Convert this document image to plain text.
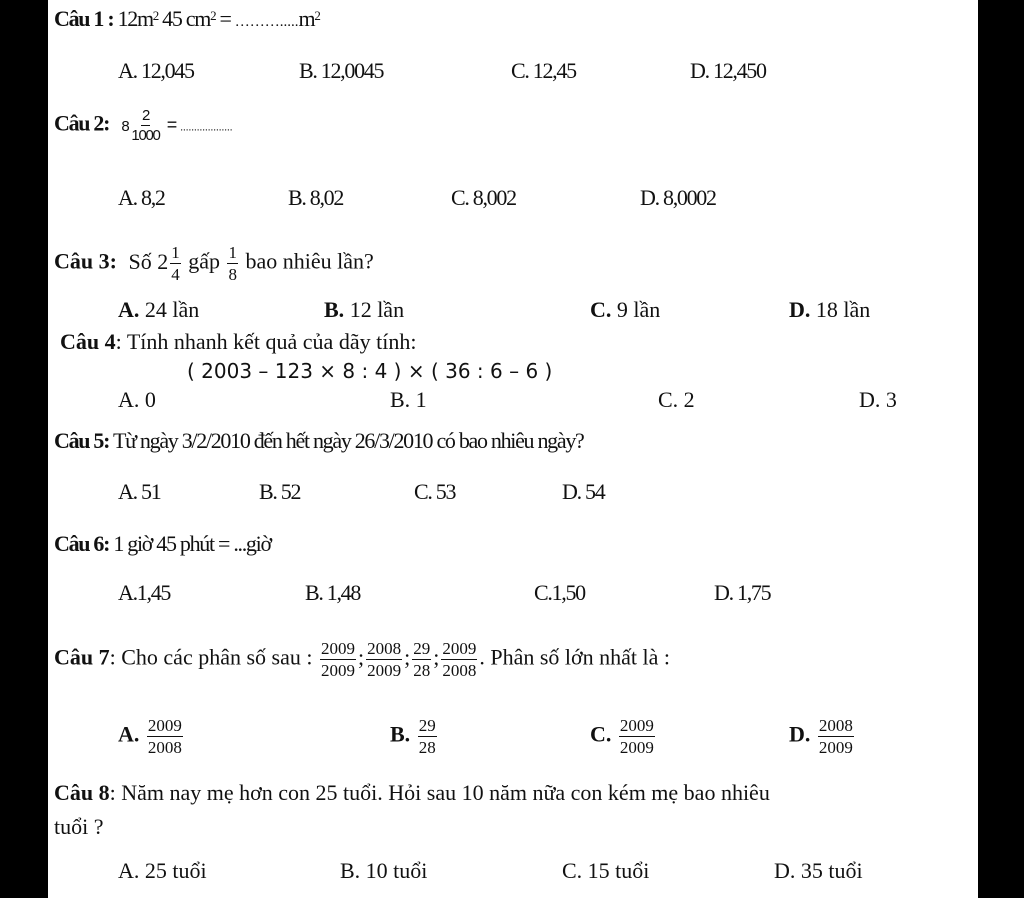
Câu 1 : $12m^2$ 45 $cm^2$ = $\dots\dots\dots.....m^2$
A. 12,045	B. 12,0045	C. 12,45	D. 12,450
Câu 2: $8 \frac{2}{1000}$ = ...................
A. 8,2	B. 8,02	C. 8,002	D. 8,0002
Câu 3: Số $2 \frac{1}{4}$ gấp $\frac{1}{8}$ bao nhiêu lần?
A. 24 lần	B. 12 lần	C. 9 lần	D. 18 lần
Câu 4: Tính nhanh kết quả của dãy tính:
( 2003 – 123 × 8 : 4 ) × ( 36 : 6 – 6 )
A. 0	B. 1	C. 2	D. 3
Câu 5: Từ ngày 3/2/2010 đến hết ngày 26/3/2010 có bao nhiêu ngày?
A. 51	B. 52	C. 53	D. 54
Câu 6: 1 giờ 45 phút = ...giờ
A.1,45	B. 1,48	C.1,50	D. 1,75
Câu 7: Cho các phân số sau : $\frac{2009}{2009}$ ; $\frac{2008}{2009}$ ; $\frac{29}{28}$ ; $\frac{2009}{2008}$ . Phân số lớn nhất là :
A. $\frac{2009}{2008}$	B. $\frac{29}{28}$	C. $\frac{2009}{2009}$	D. $\frac{2008}{2009}$
Câu 8: Năm nay mẹ hơn con 25 tuổi. Hỏi sau 10 năm nữa con kém mẹ bao nhiêu
tuổi ?
A. 25 tuổi	B. 10 tuổi	C. 15 tuổi	D. 35 tuổi
